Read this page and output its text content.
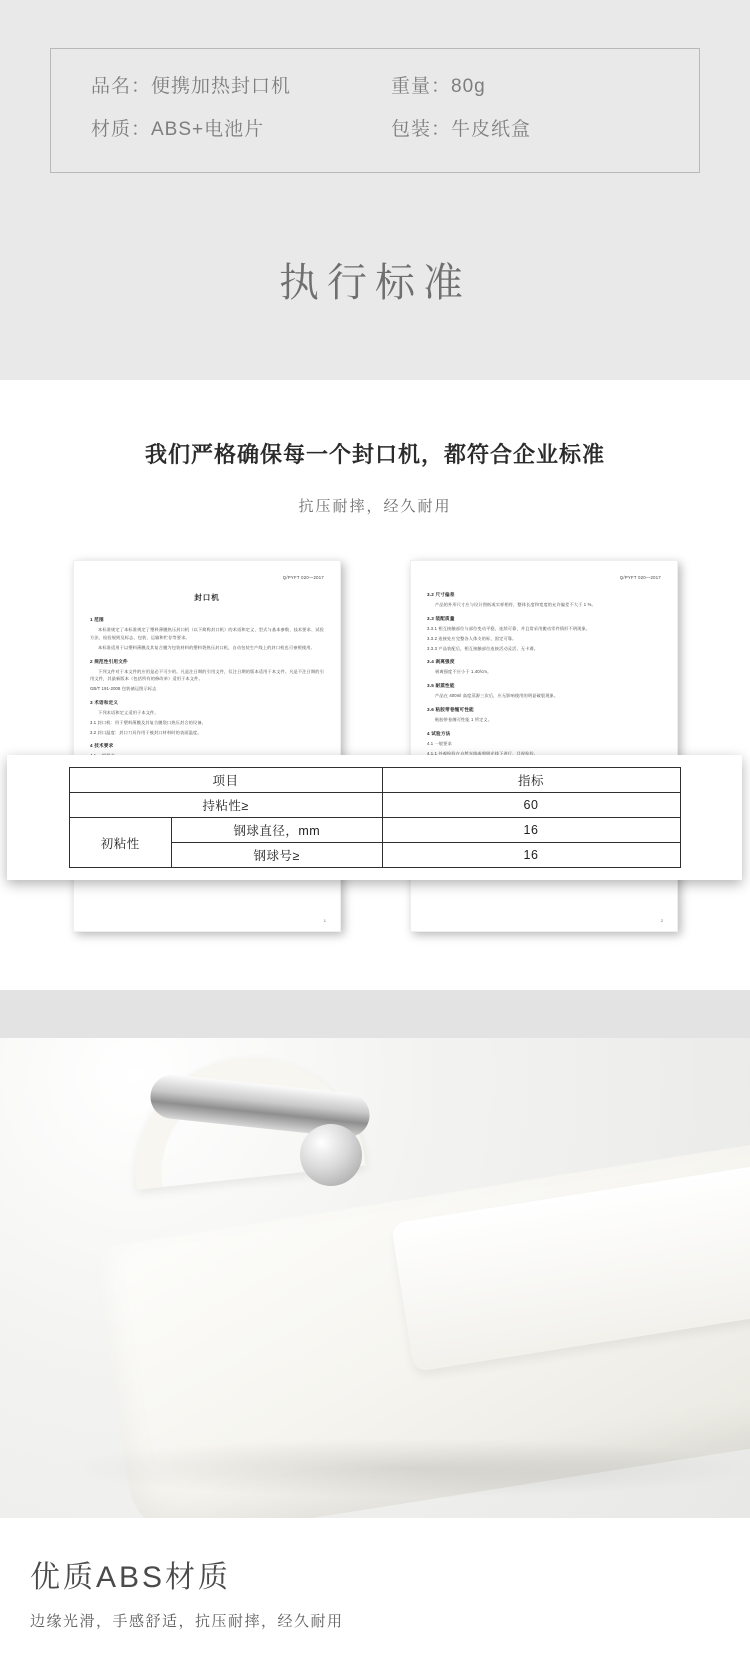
品名：便携加热封口机	重量：80g
材质：ABS+电池片	包装：牛皮纸盒
执行标准
我们严格确保每一个封口机，都符合企业标准
抗压耐摔，经久耐用
Q/PYFT 020—2017
封口机
1 范围

本标准规定了本标准规定了塑料薄膜热压封口机（以下简称封口机）的术语和定义、型式与基本参数、技术要求、试验方法、检验规则及标志、包装、运输和贮存等要求。

本标准适用于以塑料薄膜及其复合膜为包装材料的塑料袋热压封口机，自动包装生产线上的封口机也可参照使用。

2 规范性引用文件

下列文件对于本文件的应用是必不可少的。凡是注日期的引用文件，仅注日期的版本适用于本文件。凡是不注日期的引用文件，其最新版本（包括所有的修改单）适用于本文件。

GB/T 191-2008 包装储运图示标志

3 术语和定义

下列术语和定义适用于本文件。

3.1 封口机：用于塑料薄膜及其复合膜袋口热压封合的设备。

3.2 封口温度：封口刀具作用于被封口材料时的表面温度。

4 技术要求

1
Q/PYFT 020—2017
3.2 尺寸偏差

产品的外形尺寸应与设计图纸或实样相符，整体长度和宽度的允许偏差不大于 1 %。

3.3 装配质量

3.3.1 相互接触部位与部位变动平稳，连续可靠，并且常采用搬动零件情形不明现象。

3.3.2 连接处应完整各人体支的标，固定可靠。

3.3.3 产品装配后，相互接触部位连接活动灵活，无卡滞。

3.4 剥离强度

剥离强度不应小于 1.40/cm。

3.5 耐蒸性能

产品在 400ml 高度蒸源三次后，应无影响使用的明显破裂现象。

3.6 粘胶带卷缠可性能

粘胶带卷缠可性能 1 所定义。

4 试验方法

4.1 一般要求

4.1.1 外观检验在自然光线或照明光线下进行，目视检验。

2
项目		指标
持粘性≥		60
初粘性	钢球直径，mm	16
	钢球号≥	16
优质ABS材质
边缘光滑，手感舒适，抗压耐摔，经久耐用
